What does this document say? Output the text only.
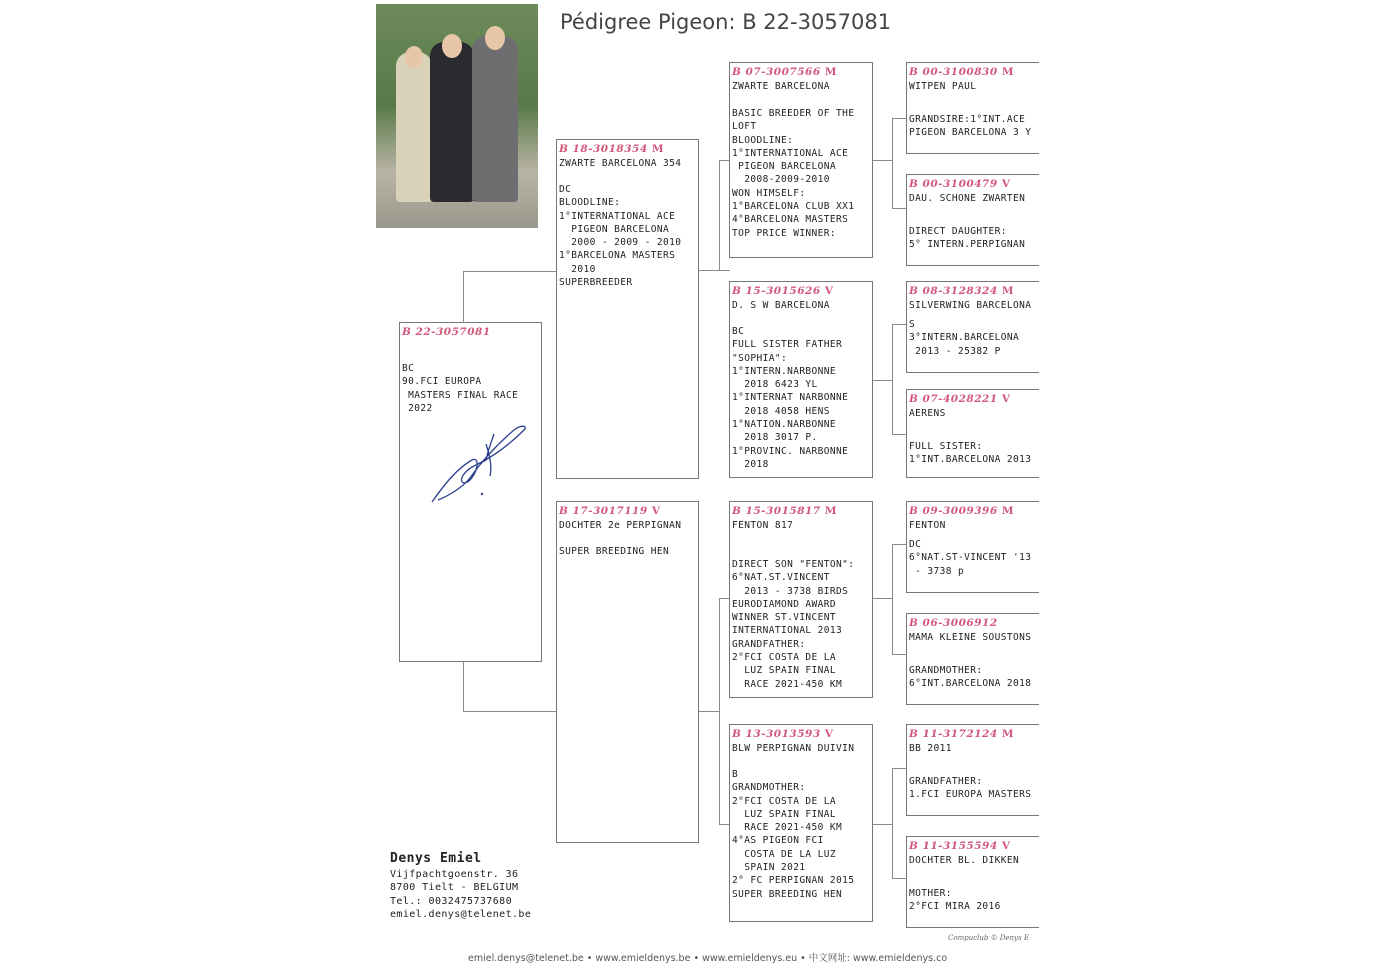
Pédigree Pigeon: B 22-3057081
B 22-3057081
BC
90.FCI EUROPA
MASTERS FINAL RACE
2022
B 18-3018354 M
ZWARTE BARCELONA 354
DC
BLOODLINE:
1°INTERNATIONAL ACE
PIGEON BARCELONA
2000 - 2009 - 2010
1°BARCELONA MASTERS
2010
SUPERBREEDER
B 17-3017119 V
DOCHTER 2e PERPIGNAN
SUPER BREEDING HEN
B 07-3007566 M
ZWARTE BARCELONA
BASIC BREEDER OF THE
LOFT
BLOODLINE:
1°INTERNATIONAL ACE
PIGEON BARCELONA
2008-2009-2010
WON HIMSELF:
1°BARCELONA CLUB XX1
4°BARCELONA MASTERS
TOP PRICE WINNER:
B 15-3015626 V
D. S W BARCELONA
BC
FULL SISTER FATHER
"SOPHIA":
1°INTERN.NARBONNE
2018 6423 YL
1°INTERNAT NARBONNE
2018 4058 HENS
1°NATION.NARBONNE
2018 3017 P.
1°PROVINC. NARBONNE
2018
B 15-3015817 M
FENTON 817
DIRECT SON "FENTON":
6°NAT.ST.VINCENT
2013 - 3738 BIRDS
EURODIAMOND AWARD
WINNER ST.VINCENT
INTERNATIONAL 2013
GRANDFATHER:
2°FCI COSTA DE LA
LUZ SPAIN FINAL
RACE 2021-450 KM
B 13-3013593 V
BLW PERPIGNAN DUIVIN
B
GRANDMOTHER:
2°FCI COSTA DE LA
LUZ SPAIN FINAL
RACE 2021-450 KM
4°AS PIGEON FCI
COSTA DE LA LUZ
SPAIN 2021
2° FC PERPIGNAN 2015
SUPER BREEDING HEN
B 00-3100830 M
WITPEN PAUL
GRANDSIRE:1°INT.ACE
PIGEON BARCELONA 3 Y
B 00-3100479 V
DAU. SCHONE ZWARTEN
DIRECT DAUGHTER:
5° INTERN.PERPIGNAN
B 08-3128324 M
SILVERWING BARCELONA
S
3°INTERN.BARCELONA
2013 - 25382 P
B 07-4028221 V
AERENS
FULL SISTER:
1°INT.BARCELONA 2013
B 09-3009396 M
FENTON
DC
6°NAT.ST-VINCENT '13
- 3738 p
B 06-3006912
MAMA KLEINE SOUSTONS
GRANDMOTHER:
6°INT.BARCELONA 2018
B 11-3172124 M
BB 2011
GRANDFATHER:
1.FCI EUROPA MASTERS
B 11-3155594 V
DOCHTER BL. DIKKEN
MOTHER:
2°FCI MIRA 2016
Denys Emiel
Vijfpachtgoenstr. 36
8700 Tielt - BELGIUM
Tel.: 0032475737680
emiel.denys@telenet.be
Compuclub © Denys E
emiel.denys@telenet.be • www.emieldenys.be • www.emieldenys.eu • 中文网址: www.emieldenys.co
